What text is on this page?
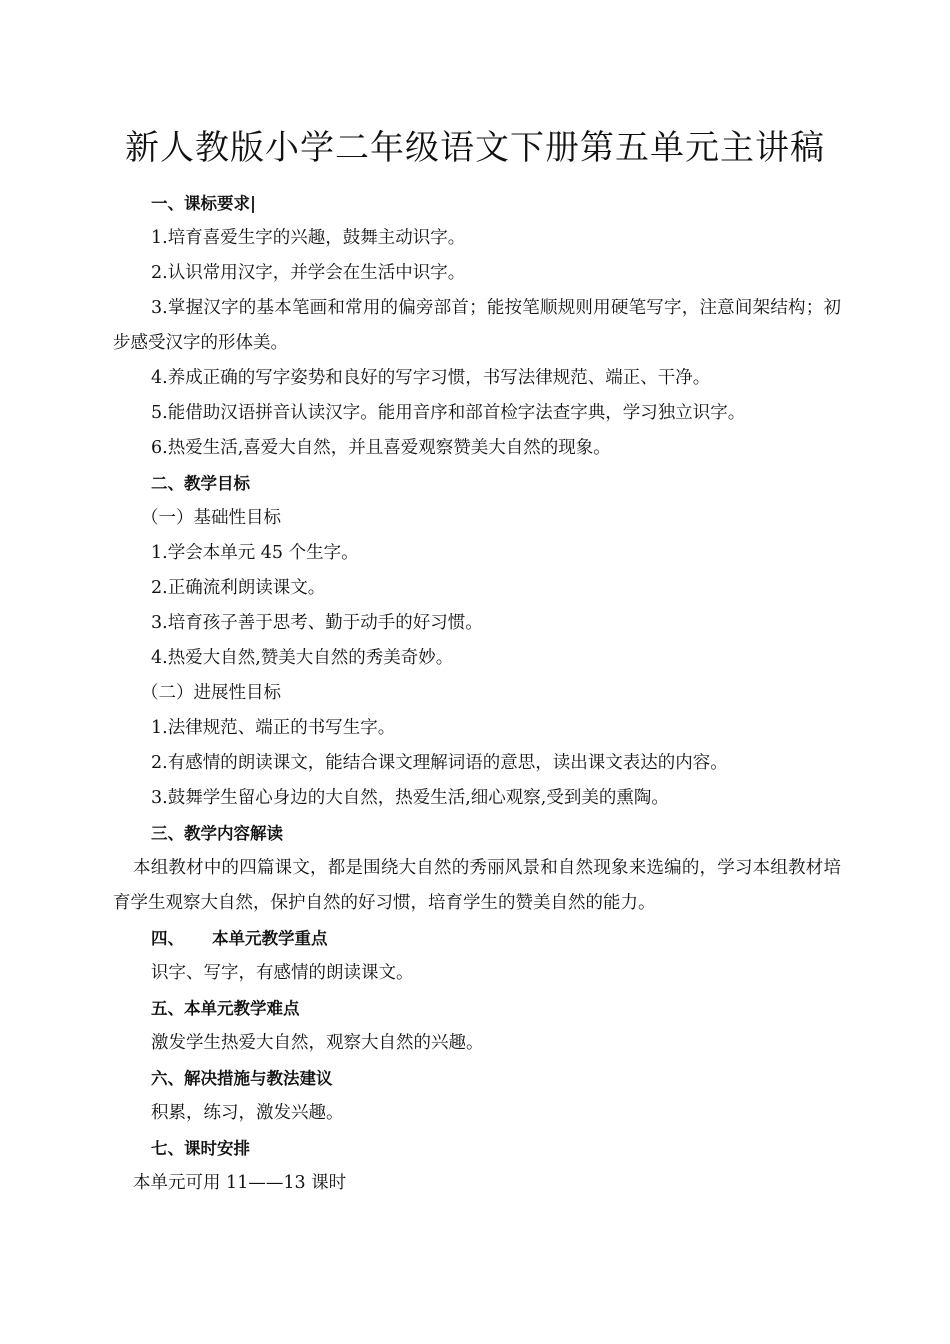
新人教版小学二年级语文下册第五单元主讲稿

一、课标要求|

1.培育喜爱生字的兴趣，鼓舞主动识字。

2.认识常用汉字，并学会在生活中识字。

3.掌握汉字的基本笔画和常用的偏旁部首；能按笔顺规则用硬笔写字，注意间架结构；初步感受汉字的形体美。

4.养成正确的写字姿势和良好的写字习惯，书写法律规范、端正、干净。

5.能借助汉语拼音认读汉字。能用音序和部首检字法查字典，学习独立识字。

6.热爱生活,喜爱大自然，并且喜爱观察赞美大自然的现象。

二、教学目标

（一）基础性目标

1.学会本单元 45 个生字。

2.正确流利朗读课文。

3.培育孩子善于思考、勤于动手的好习惯。

4.热爱大自然,赞美大自然的秀美奇妙。

（二）进展性目标

1.法律规范、端正的书写生字。

2.有感情的朗读课文，能结合课文理解词语的意思，读出课文表达的内容。

3.鼓舞学生留心身边的大自然，热爱生活,细心观察,受到美的熏陶。

三、教学内容解读

本组教材中的四篇课文，都是围绕大自然的秀丽风景和自然现象来选编的，学习本组教材培育学生观察大自然，保护自然的好习惯，培育学生的赞美自然的能力。

四、 本单元教学重点

识字、写字，有感情的朗读课文。

五、本单元教学难点

激发学生热爱大自然，观察大自然的兴趣。

六、解决措施与教法建议

积累，练习，激发兴趣。

七、课时安排

本单元可用 11——13 课时
